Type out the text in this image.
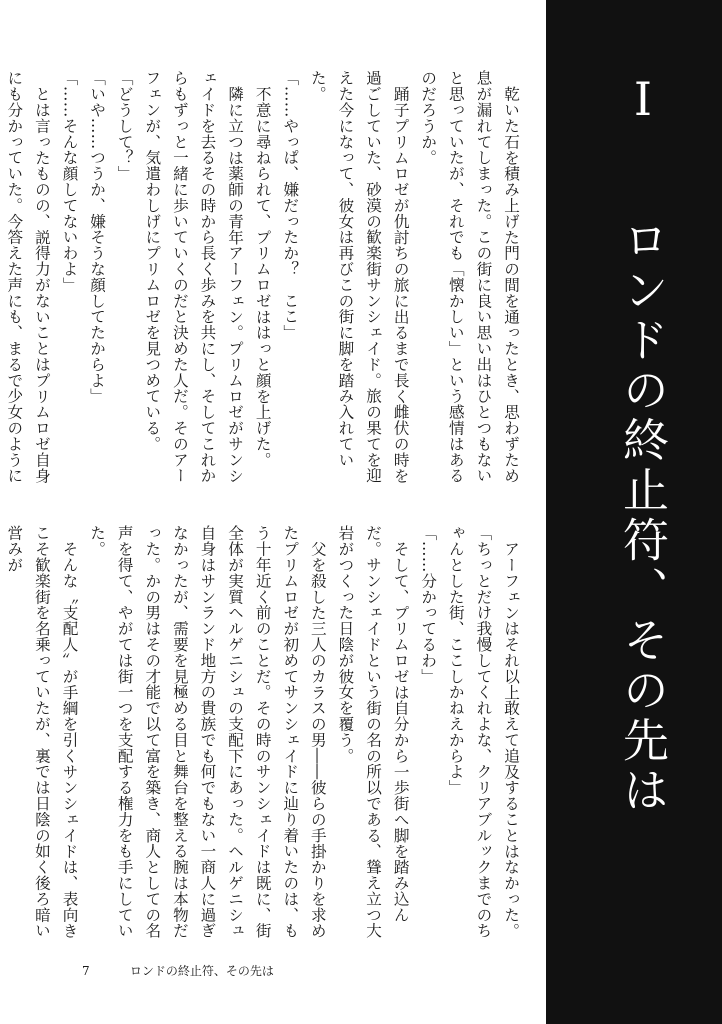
乾いた石を積み上げた門の間を通ったとき、思わずため息が漏れてしまった。この街に良い思い出はひとつもないと思っていたが、それでも「懐かしい」という感情はあるのだろうか。

踊子プリムロゼが仇討ちの旅に出るまで長く雌伏の時を過ごしていた、砂漠の歓楽街サンシェイド。旅の果てを迎えた今になって、彼女は再びこの街に脚を踏み入れていた。

「……やっぱ、嫌だったか？　ここ」

不意に尋ねられて、プリムロゼははっと顔を上げた。

隣に立つは薬師の青年アーフェン。プリムロゼがサンシェイドを去るその時から長く歩みを共にし、そしてこれからもずっと一緒に歩いていくのだと決めた人だ。そのアーフェンが、気遣わしげにプリムロゼを見つめている。

「どうして？」

「いや……つうか、嫌そうな顔してたからよ」

「……そんな顔してないわよ」

とは言ったものの、説得力がないことはプリムロゼ自身にも分かっていた。今答えた声にも、まるで少女のように

アーフェンはそれ以上敢えて追及することはなかった。

「ちっとだけ我慢してくれよな、クリアブルックまでのちゃんとした街、ここしかねえからよ」

「……分かってるわ」

そして、プリムロゼは自分から一歩街へ脚を踏み込んだ。サンシェイドという街の名の所以である、聳え立つ大岩がつくった日陰が彼女を覆う。

父を殺した三人のカラスの男――彼らの手掛かりを求めたプリムロゼが初めてサンシェイドに辿り着いたのは、もう十年近く前のことだ。その時のサンシェイドは既に、街全体が実質ヘルゲニシュの支配下にあった。ヘルゲニシュ自身はサンランド地方の貴族でも何でもない一商人に過ぎなかったが、需要を見極める目と舞台を整える腕は本物だった。かの男はその才能で以て富を築き、商人としての名声を得て、やがては街一つを支配する権力をも手にしていた。

そんな〝支配人〟が手綱を引くサンシェイドは、表向きこそ歓楽街を名乗っていたが、裏では日陰の如く後ろ暗い営みが

Ⅰ ロンドの終止符、その先は
7	ロンドの終止符、その先は
